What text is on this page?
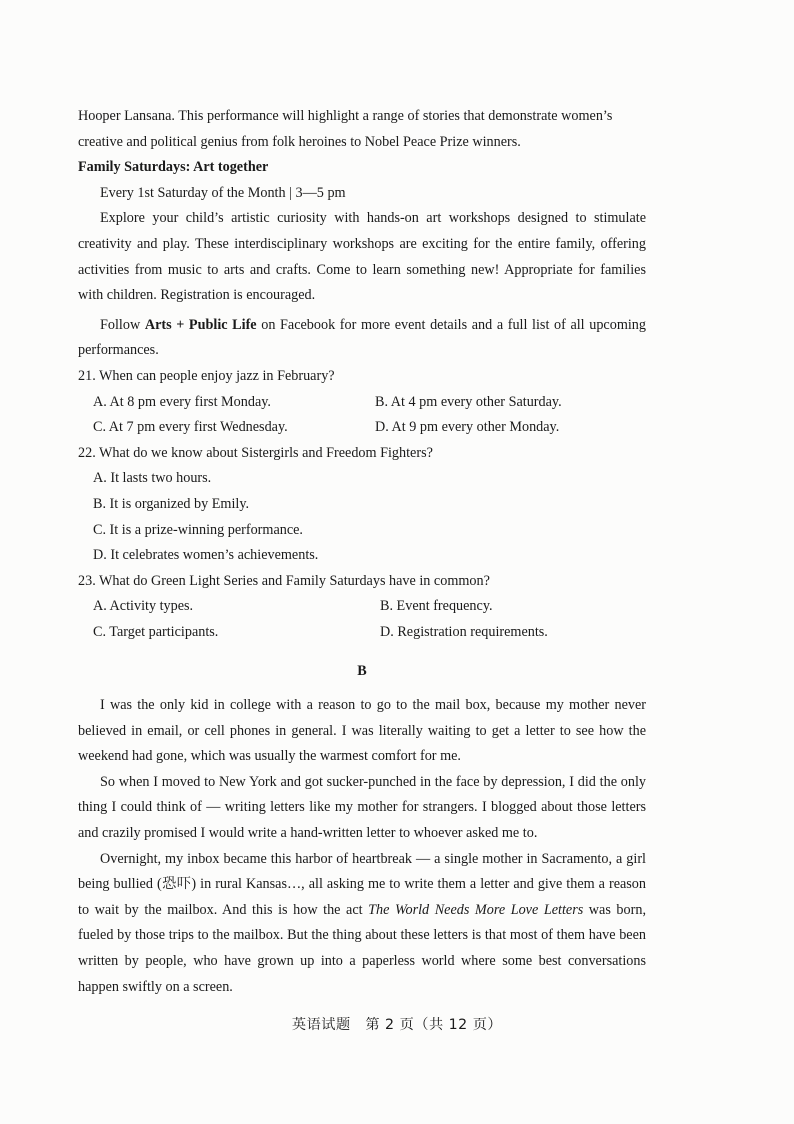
Hooper Lansana. This performance will highlight a range of stories that demonstrate women’s

creative and political genius from folk heroines to Nobel Peace Prize winners.

Family Saturdays: Art together

Every 1st Saturday of the Month | 3—5 pm

Explore your child’s artistic curiosity with hands-on art workshops designed to stimulate creativity and play. These interdisciplinary workshops are exciting for the entire family, offering activities from music to arts and crafts. Come to learn something new! Appropriate for families with children. Registration is encouraged.

Follow Arts + Public Life on Facebook for more event details and a full list of all upcoming performances.

21. When can people enjoy jazz in February?

A. At 8 pm every first Monday.	B. At 4 pm every other Saturday.
C. At 7 pm every first Wednesday.	D. At 9 pm every other Monday.

22. What do we know about Sistergirls and Freedom Fighters?

A. It lasts two hours.

B. It is organized by Emily.

C. It is a prize-winning performance.

D. It celebrates women’s achievements.

23. What do Green Light Series and Family Saturdays have in common?

A. Activity types.	B. Event frequency.
C. Target participants.	D. Registration requirements.

B

I was the only kid in college with a reason to go to the mail box, because my mother never believed in email, or cell phones in general. I was literally waiting to get a letter to see how the weekend had gone, which was usually the warmest comfort for me.

So when I moved to New York and got sucker-punched in the face by depression, I did the only thing I could think of — writing letters like my mother for strangers. I blogged about those letters and crazily promised I would write a hand-written letter to whoever asked me to.

Overnight, my inbox became this harbor of heartbreak — a single mother in Sacramento, a girl being bullied (恐吓) in rural Kansas…, all asking me to write them a letter and give them a reason to wait by the mailbox. And this is how the act The World Needs More Love Letters was born, fueled by those trips to the mailbox. But the thing about these letters is that most of them have been written by people, who have grown up into a paperless world where some best conversations happen swiftly on a screen.

英语试题　第 2 页（共 12 页）
